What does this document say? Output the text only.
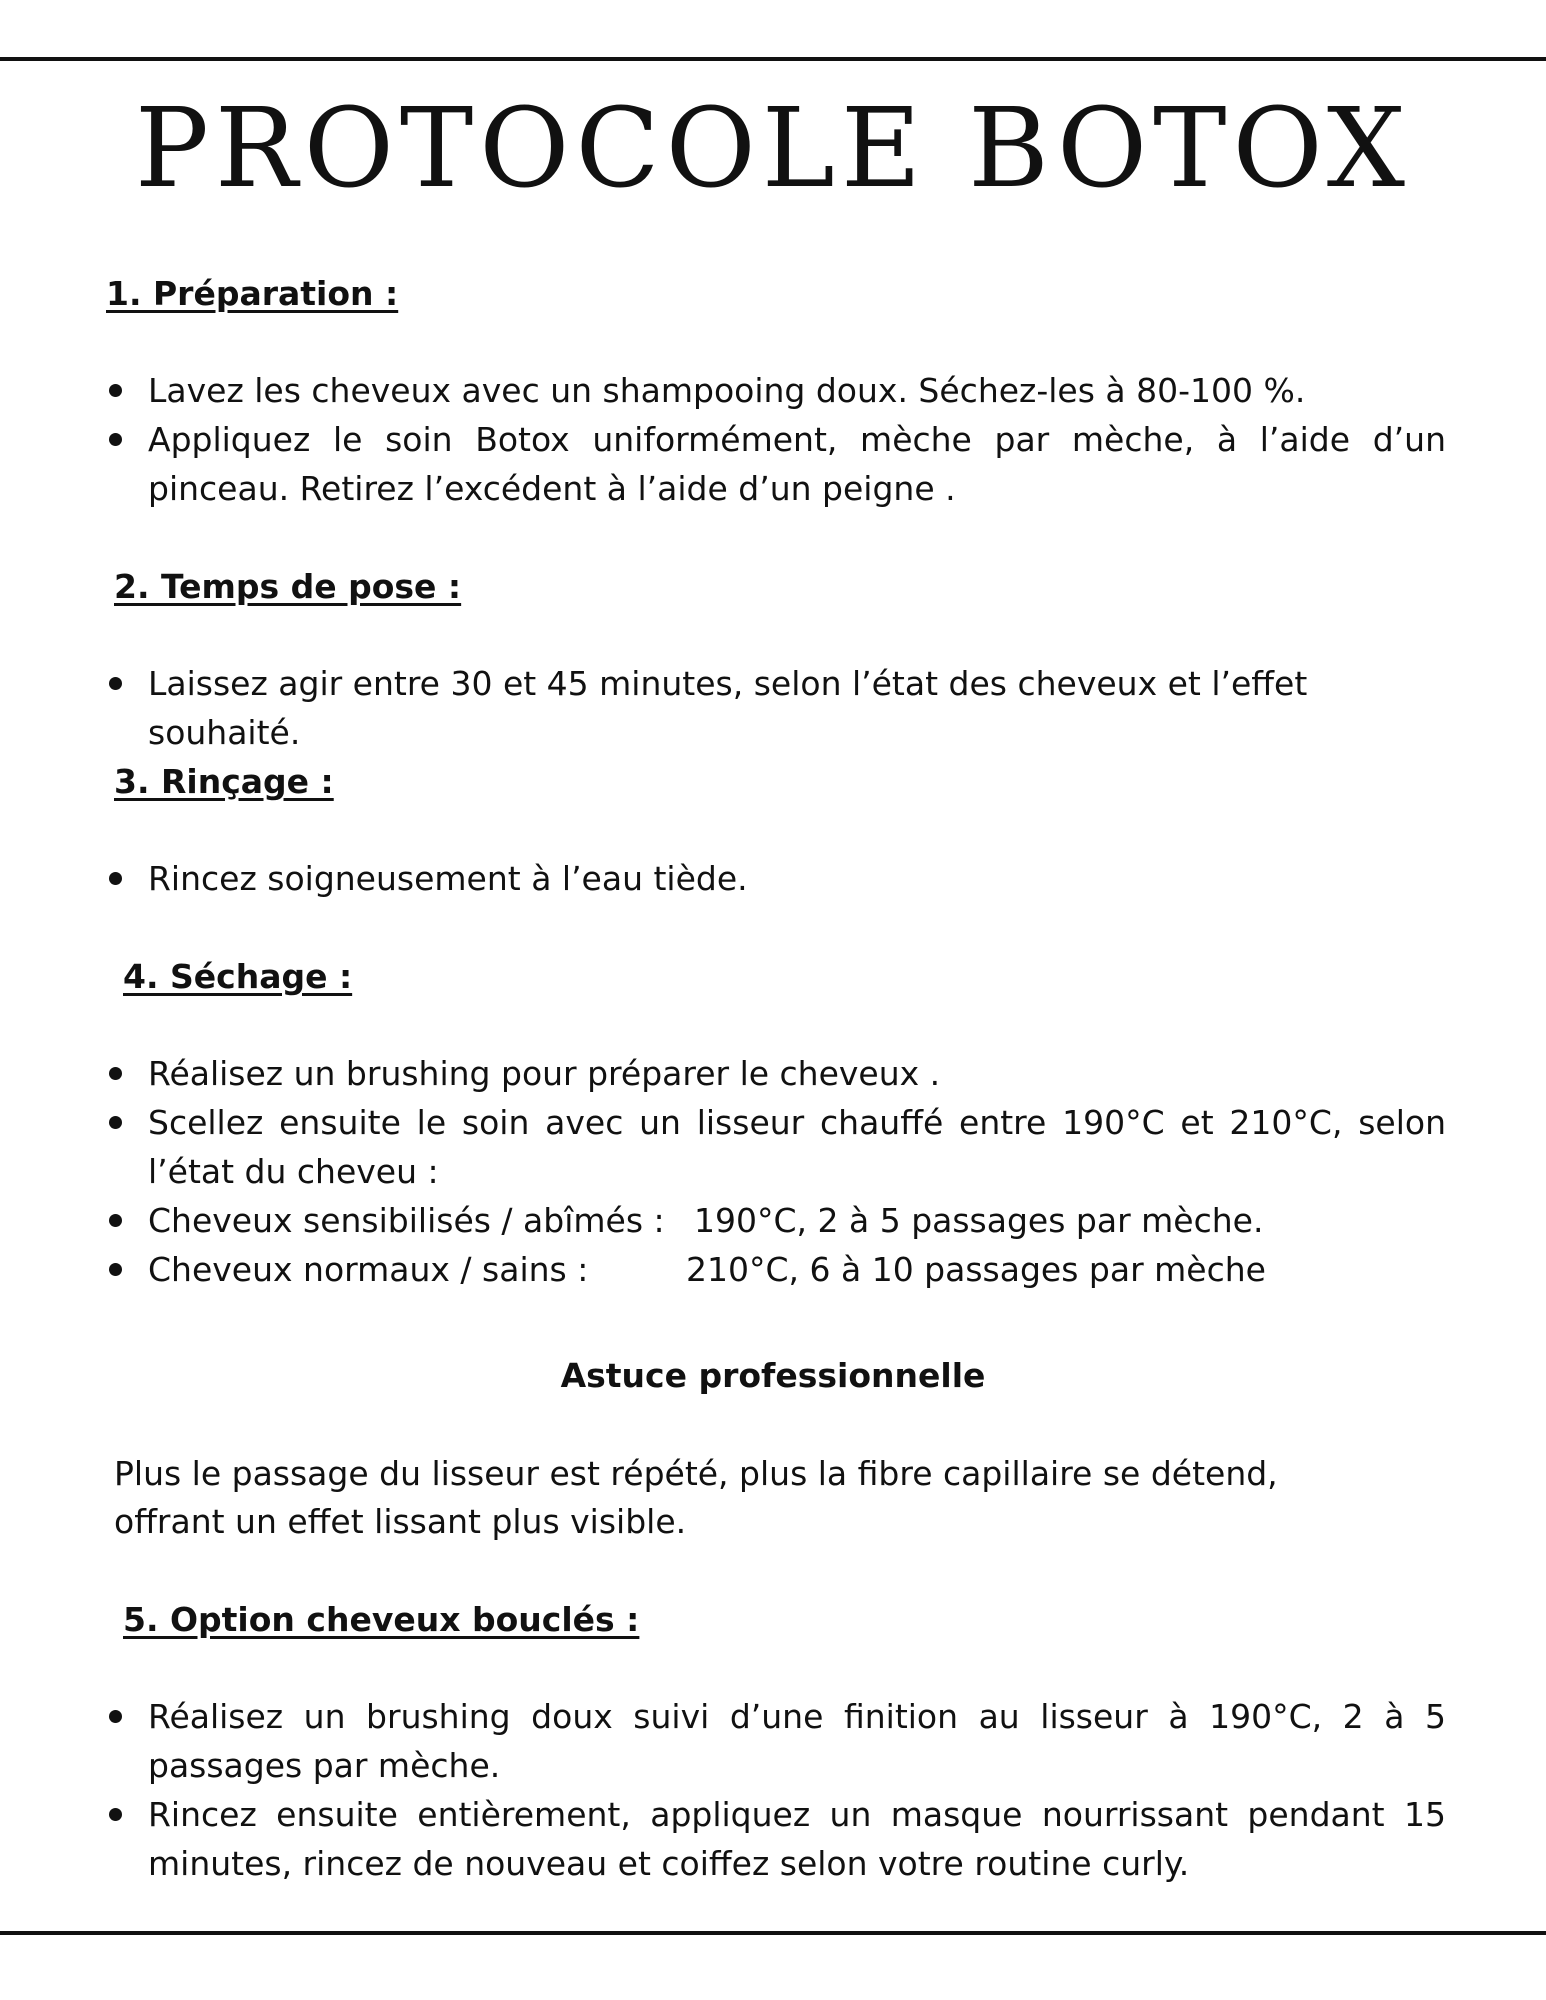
PROTOCOLE BOTOX
1. Préparation :
Lavez les cheveux avec un shampooing doux. Séchez-les à 80-100 %.
Appliquez le soin Botox uniformément, mèche par mèche, à l’aide d’un pinceau. Retirez l’excédent à l’aide d’un peigne .
2. Temps de pose :
Laissez agir entre 30 et 45 minutes, selon l’état des cheveux et l’effet souhaité.
3. Rinçage :
Rincez soigneusement à l’eau tiède.
4. Séchage :
Réalisez un brushing pour préparer le cheveux .
Scellez ensuite le soin avec un lisseur chauffé entre 190°C et 210°C, selon l’état du cheveu :
Cheveux sensibilisés / abîmés : 190°C, 2 à 5 passages par mèche.
Cheveux normaux / sains :	210°C, 6 à 10 passages par mèche
Astuce professionnelle
Plus le passage du lisseur est répété, plus la fibre capillaire se détend,
offrant un effet lissant plus visible.
5. Option cheveux bouclés :
Réalisez un brushing doux suivi d’une finition au lisseur à 190°C, 2 à 5 passages par mèche.
Rincez ensuite entièrement, appliquez un masque nourrissant pendant 15 minutes, rincez de nouveau et coiffez selon votre routine curly.
